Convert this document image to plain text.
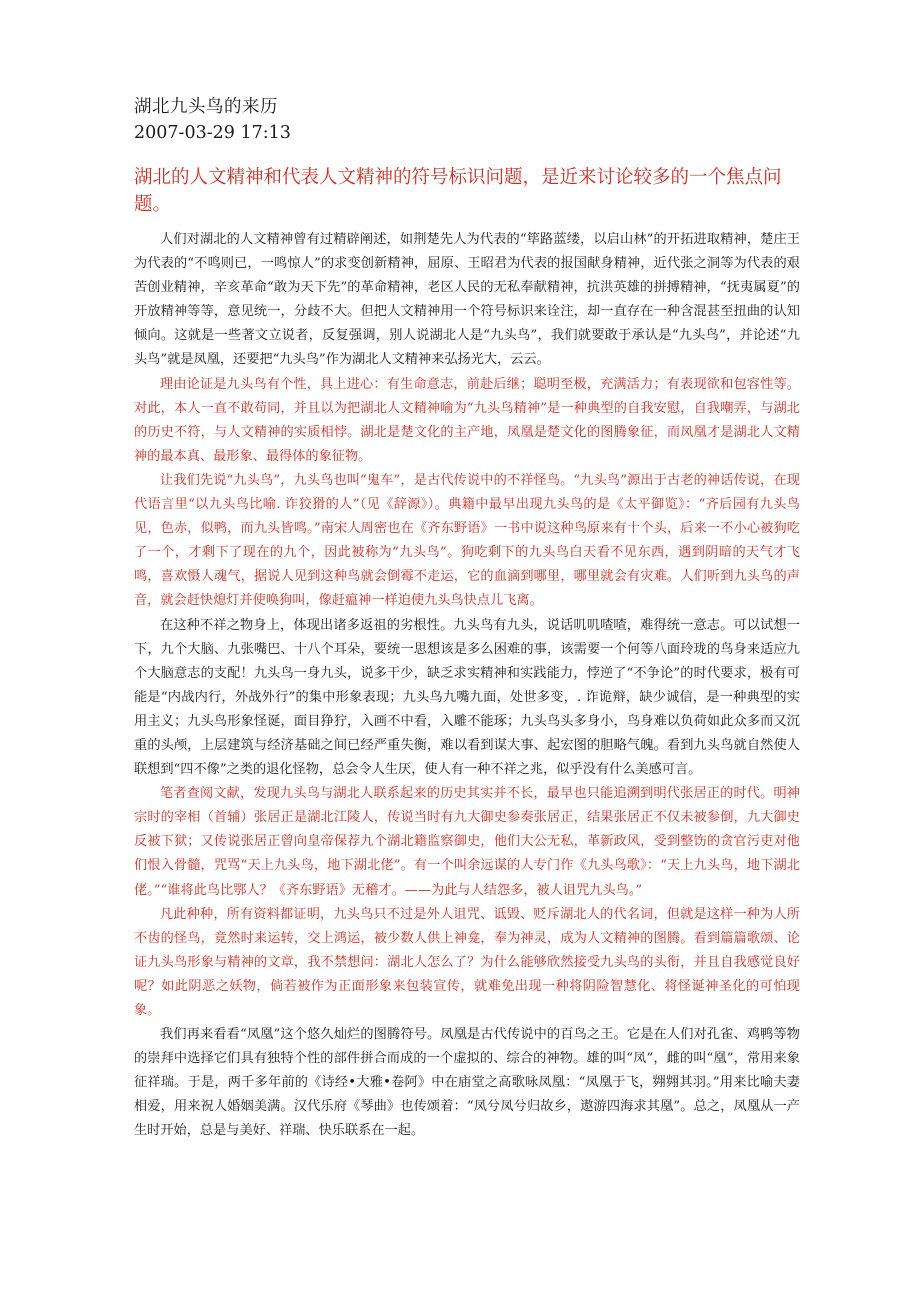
湖北九头鸟的来历
2007-03-29 17:13
湖北的人文精神和代表人文精神的符号标识问题，是近来讨论较多的一个焦点问题。

人们对湖北的人文精神曾有过精辟阐述，如荆楚先人为代表的“筚路蓝缕，以启山林”的开拓进取精神，楚庄王为代表的“不鸣则已，一鸣惊人”的求变创新精神，屈原、王昭君为代表的报国献身精神，近代张之洞等为代表的艰苦创业精神，辛亥革命“敢为天下先”的革命精神，老区人民的无私奉献精神，抗洪英雄的拼搏精神，“抚夷属夏”的开放精神等等，意见统一，分歧不大。但把人文精神用一个符号标识来诠注，却一直存在一种含混甚至扭曲的认知倾向。这就是一些著文立说者，反复强调，别人说湖北人是“九头鸟”，我们就要敢于承认是“九头鸟”，并论述“九头鸟”就是凤凰，还要把“九头鸟”作为湖北人文精神来弘扬光大，云云。

理由论证是九头鸟有个性，具上进心：有生命意志，前赴后继；聪明至极，充满活力；有表现欲和包容性等。对此，本人一直不敢苟同，并且以为把湖北人文精神喻为“九头鸟精神”是一种典型的自我安慰，自我嘲弄，与湖北的历史不符，与人文精神的实质相悖。湖北是楚文化的主产地，凤凰是楚文化的图腾象征，而凤凰才是湖北人文精神的最本真、最形象、最得体的象征物。

让我们先说“九头鸟”，九头鸟也叫“鬼车”，是古代传说中的不祥怪鸟。“九头鸟”源出于古老的神话传说，在现代语言里“以九头鸟比喻. 诈狡猾的人”（见《辞源》）。典籍中最早出现九头鸟的是《太平御览》：“齐后园有九头鸟见，色赤，似鸭，而九头皆鸣。”南宋人周密也在《齐东野语》一书中说这种鸟原来有十个头，后来一不小心被狗吃了一个，才剩下了现在的九个，因此被称为“九头鸟”。狗吃剩下的九头鸟白天看不见东西，遇到阴暗的天气才飞鸣，喜欢慑人魂气，据说人见到这种鸟就会倒霉不走运，它的血滴到哪里，哪里就会有灾难。人们听到九头鸟的声音，就会赶快熄灯并使唤狗叫，像赶瘟神一样迫使九头鸟快点儿飞离。

在这种不祥之物身上，体现出诸多返祖的劣根性。九头鸟有九头，说话叽叽喳喳，难得统一意志。可以试想一下，九个大脑、九张嘴巴、十八个耳朵，要统一思想该是多么困难的事，该需要一个何等八面玲珑的鸟身来适应九个大脑意志的支配！九头鸟一身九头，说多干少，缺乏求实精神和实践能力，悖逆了“不争论”的时代要求，极有可能是“内战内行，外战外行”的集中形象表现；九头鸟九嘴九面，处世多变，. 诈诡辩，缺少诚信，是一种典型的实用主义；九头鸟形象怪诞，面目狰狞，入画不中看，入雕不能琢；九头鸟头多身小，鸟身难以负荷如此众多而又沉重的头颅，上层建筑与经济基础之间已经严重失衡，难以看到谋大事、起宏图的胆略气魄。看到九头鸟就自然使人联想到“四不像”之类的退化怪物，总会令人生厌，使人有一种不祥之兆，似乎没有什么美感可言。

笔者查阅文献，发现九头鸟与湖北人联系起来的历史其实并不长，最早也只能追溯到明代张居正的时代。明神宗时的宰相（首辅）张居正是湖北江陵人，传说当时有九大御史参奏张居正，结果张居正不仅未被参倒，九大御史反被下狱；又传说张居正曾向皇帝保荐九个湖北籍监察御史，他们大公无私，革新政风，受到整饬的贪官污吏对他们恨入骨髓，咒骂“天上九头鸟，地下湖北佬”。有一个叫余远谋的人专门作《九头鸟歌》：“天上九头鸟，地下湖北佬。”“谁将此鸟比鄂人？《齐东野语》无稽才。——为此与人结怨多，被人诅咒九头鸟。”

凡此种种，所有资料都证明，九头鸟只不过是外人诅咒、诋毁、贬斥湖北人的代名词，但就是这样一种为人所不齿的怪鸟，竟然时来运转，交上鸿运，被少数人供上神龛，奉为神灵，成为人文精神的图腾。看到篇篇歌颂、论证九头鸟形象与精神的文章，我不禁想问：湖北人怎么了？为什么能够欣然接受九头鸟的头衔，并且自我感觉良好呢？如此阴恶之妖物，倘若被作为正面形象来包装宣传，就难免出现一种将阴险智慧化、将怪诞神圣化的可怕现象。

我们再来看看“凤凰”这个悠久灿烂的图腾符号。凤凰是古代传说中的百鸟之王。它是在人们对孔雀、鸡鸭等物的崇拜中选择它们具有独特个性的部件拼合而成的一个虚拟的、综合的神物。雄的叫“凤”，雌的叫“凰”，常用来象征祥瑞。于是，两千多年前的《诗经•大雅•卷阿》中在庙堂之高歌咏凤凰：“凤凰于飞，翙翙其羽。”用来比喻夫妻相爱，用来祝人婚姻美满。汉代乐府《琴曲》也传颂着：“凤兮凤兮归故乡，遨游四海求其凰”。总之，凤凰从一产生时开始，总是与美好、祥瑞、快乐联系在一起。
